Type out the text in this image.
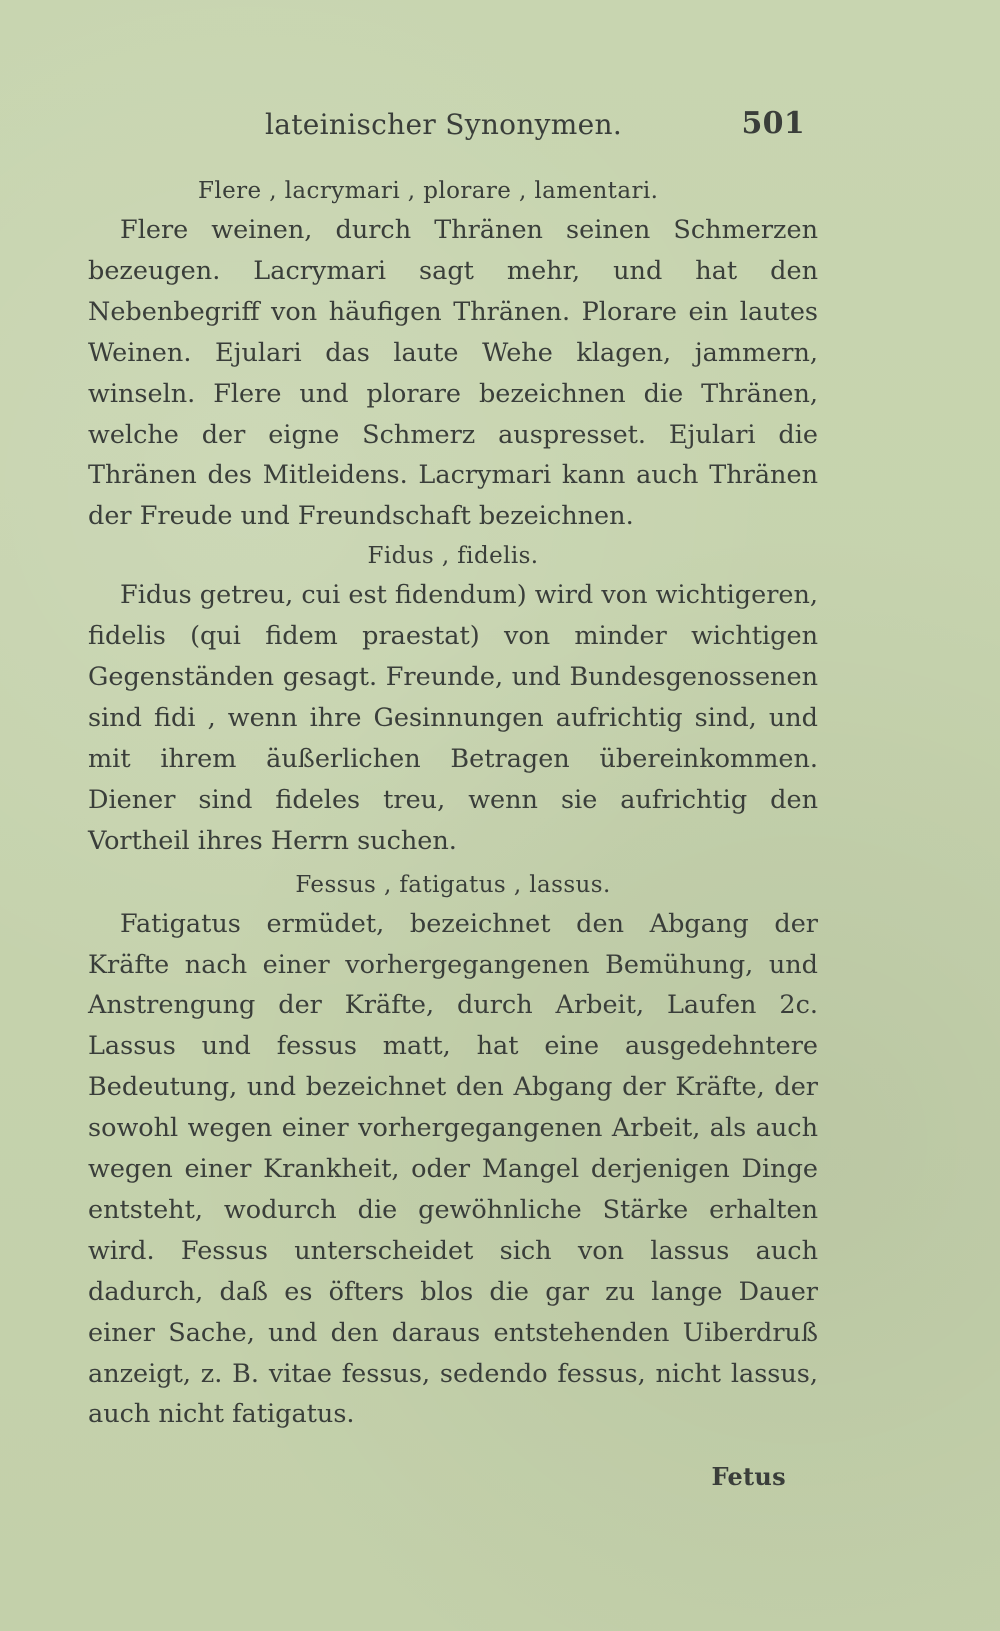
lateinischer Synonymen.	501
Flere , lacrymari , plorare , lamentari.

Flere weinen, durch Thränen seinen Schmerzen bezeugen. Lacrymari sagt mehr, und hat den Nebenbegriff von häufigen Thränen. Plorare ein lautes Weinen. Ejulari das laute Wehe klagen, jammern, winseln. Flere und plorare bezeichnen die Thränen, welche der eigne Schmerz auspresset. Ejulari die Thränen des Mitleidens. Lacrymari kann auch Thränen der Freude und Freundschaft bezeichnen.

Fidus , fidelis.

Fidus getreu, cui est fidendum) wird von wichtigeren, fidelis (qui fidem praestat) von minder wichtigen Gegenständen gesagt. Freunde, und Bundesgenossenen sind fidi , wenn ihre Gesinnungen aufrichtig sind, und mit ihrem äußerlichen Betragen übereinkommen. Diener sind fideles treu, wenn sie aufrichtig den Vortheil ihres Herrn suchen.

Fessus , fatigatus , lassus.

Fatigatus ermüdet, bezeichnet den Abgang der Kräfte nach einer vorhergegangenen Bemühung, und Anstrengung der Kräfte, durch Arbeit, Laufen 2c. Lassus und fessus matt, hat eine ausgedehntere Bedeutung, und bezeichnet den Abgang der Kräfte, der sowohl wegen einer vorhergegangenen Arbeit, als auch wegen einer Krankheit, oder Mangel derjenigen Dinge entsteht, wodurch die gewöhnliche Stärke erhalten wird. Fessus unterscheidet sich von lassus auch dadurch, daß es öfters blos die gar zu lange Dauer einer Sache, und den daraus entstehenden Uiberdruß anzeigt, z. B. vitae fessus, sedendo fessus, nicht lassus, auch nicht fatigatus.

Fetus
